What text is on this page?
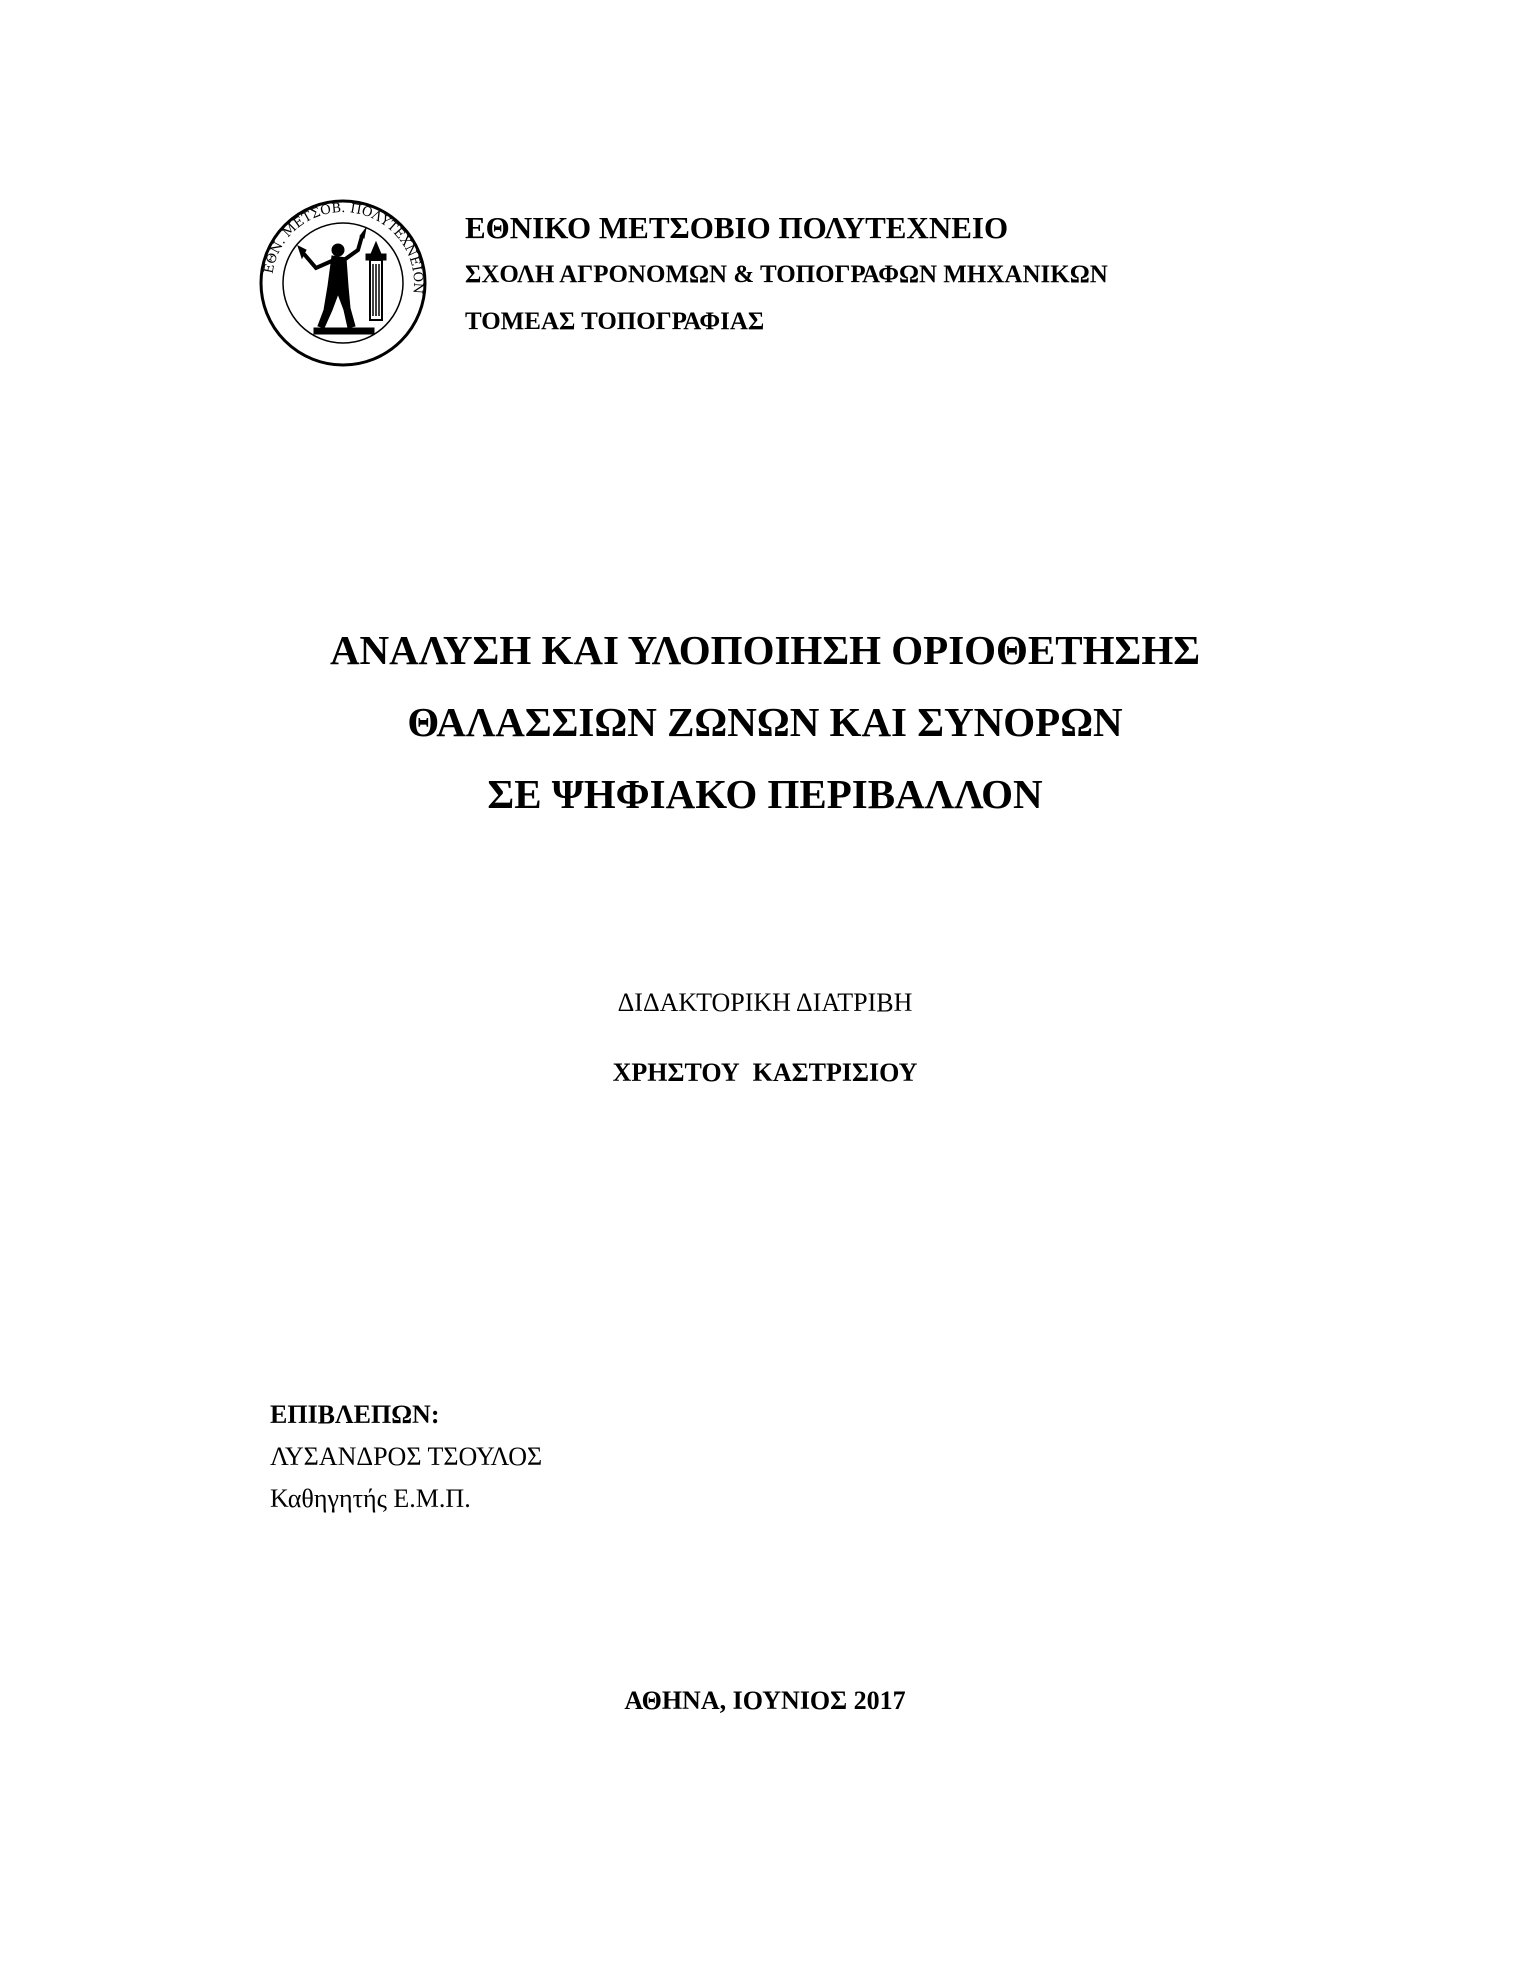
ΕΘΝ. ΜΕΤΣΟΒ. ΠΟΛΥΤΕΧΝΕΙΟΝ
ΕΘΝΙΚΟ ΜΕΤΣΟΒΙΟ ΠΟΛΥΤΕΧΝΕΙΟ
ΣΧΟΛΗ ΑΓΡΟΝΟΜΩΝ & ΤΟΠΟΓΡΑΦΩΝ ΜΗΧΑΝΙΚΩΝ
ΤΟΜΕΑΣ ΤΟΠΟΓΡΑΦΙΑΣ
ΑΝΑΛΥΣΗ ΚΑΙ ΥΛΟΠΟΙΗΣΗ ΟΡΙΟΘΕΤΗΣΗΣ
ΘΑΛΑΣΣΙΩΝ ΖΩΝΩΝ ΚΑΙ ΣΥΝΟΡΩΝ
ΣΕ ΨΗΦΙΑΚΟ ΠΕΡΙΒΑΛΛΟΝ
ΔΙΔΑΚΤΟΡΙΚΗ ΔΙΑΤΡΙΒΗ
ΧΡΗΣΤΟΥ  ΚΑΣΤΡΙΣΙΟΥ
ΕΠΙΒΛΕΠΩΝ:
ΛΥΣΑΝΔΡΟΣ ΤΣΟΥΛΟΣ
Καθηγητής Ε.Μ.Π.
ΑΘΗΝΑ, ΙΟΥΝΙΟΣ 2017
